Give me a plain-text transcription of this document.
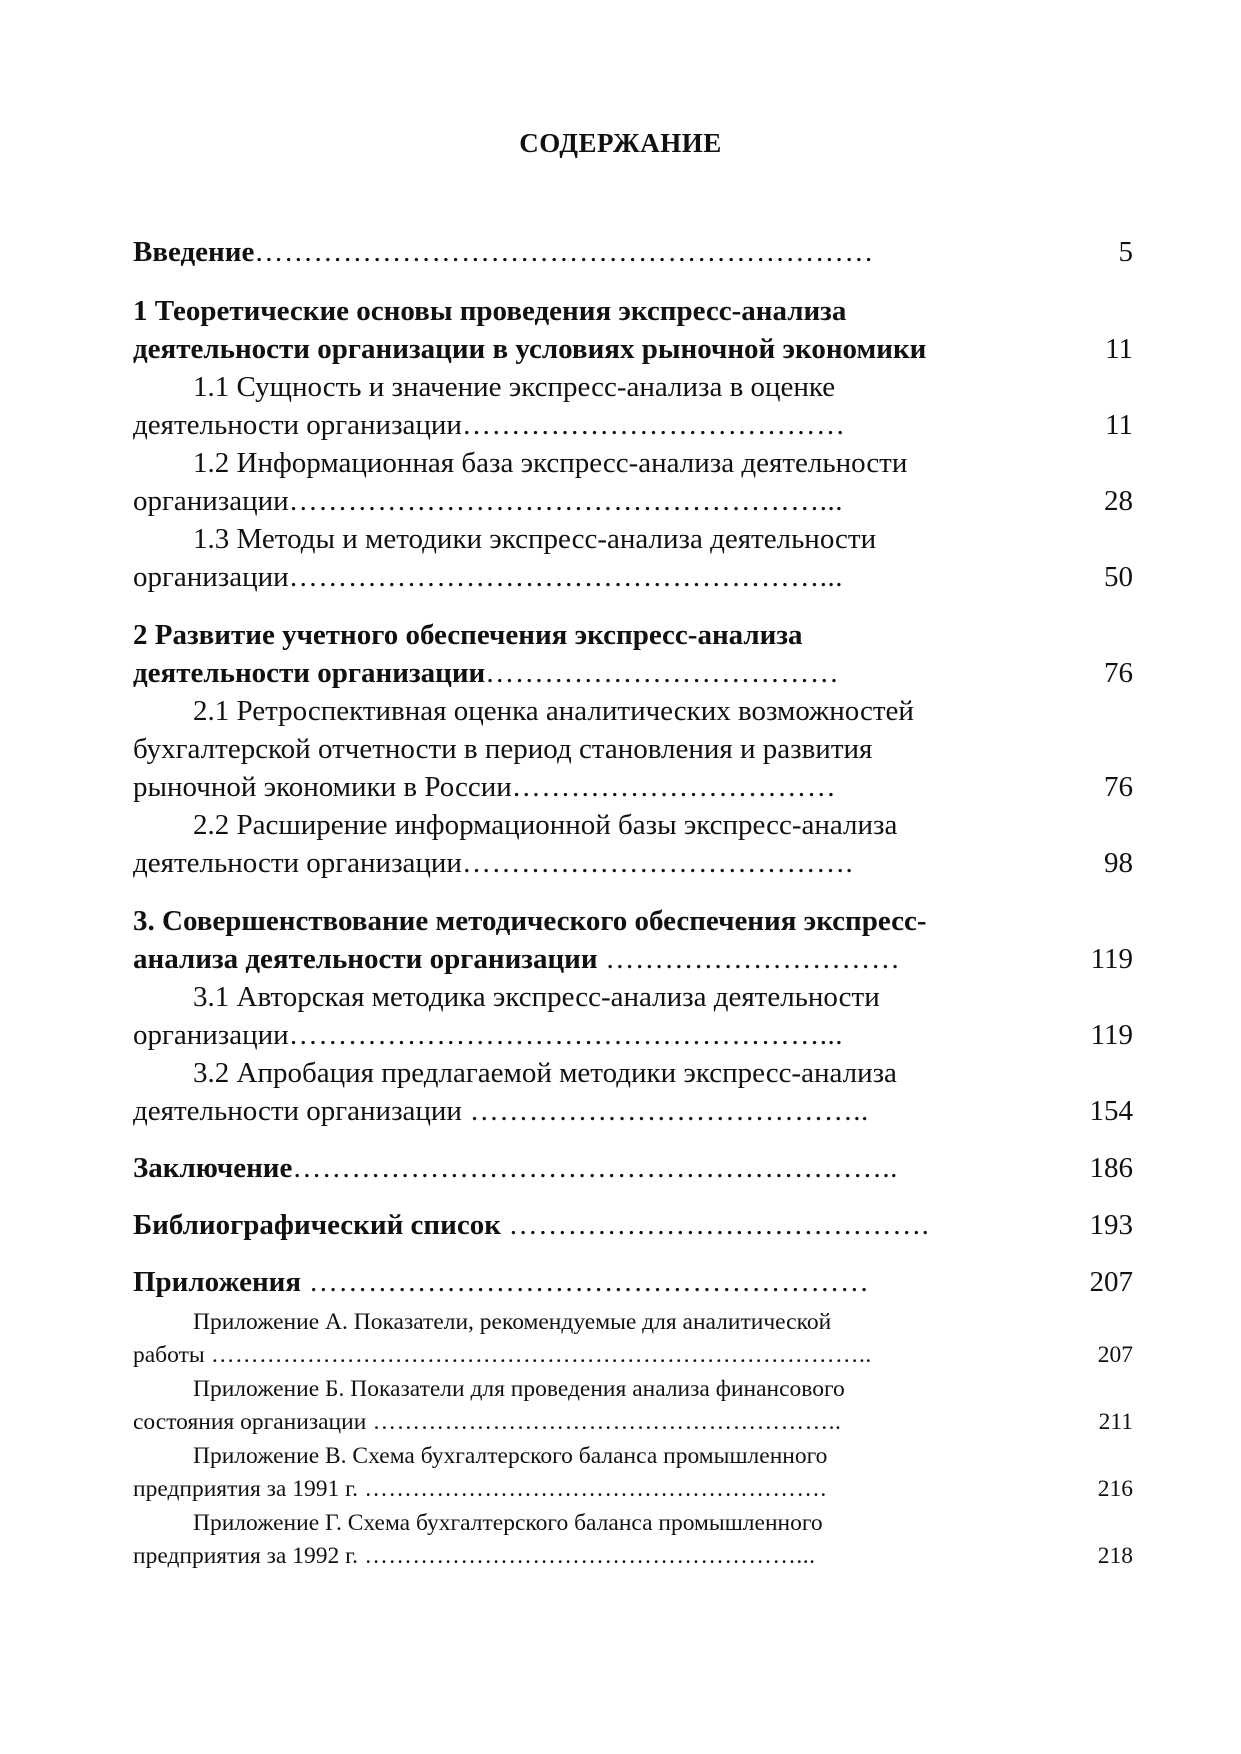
СОДЕРЖАНИЕ
Введение………………………………………………………	5
1 Теоретические основы проведения экспресс-анализа
деятельности организации в условиях рыночной экономики	11
1.1 Сущность и значение экспресс-анализа в оценке
деятельности организации…………………………………	11
1.2 Информационная база экспресс-анализа деятельности
организации………………………………………………...	28
1.3 Методы и методики экспресс-анализа деятельности
организации………………………………………………...	50
2 Развитие учетного обеспечения экспресс-анализа
деятельности организации………………………………	76
2.1 Ретроспективная оценка аналитических возможностей
бухгалтерской отчетности в период становления и развития
рыночной экономики в России……………………………	76
2.2 Расширение информационной базы экспресс-анализа
деятельности организации………………………………….	98
3. Совершенствование методического обеспечения экспресс-
анализа деятельности организации …………………………	119
3.1 Авторская методика экспресс-анализа деятельности
организации………………………………………………...	119
3.2 Апробация предлагаемой методики экспресс-анализа
деятельности организации …………………………………..	154
Заключение……………………………………………………..	186
Библиографический список …………………………………….	193
Приложения …………………………………………………	207
Приложение А. Показатели, рекомендуемые для аналитической
работы ………………………………………………………………………..	207
Приложение Б. Показатели для проведения анализа финансового
состояния организации …………………………………………………..	211
Приложение В. Схема бухгалтерского баланса промышленного
предприятия за 1991 г. ………………………………………………….	216
Приложение Г. Схема бухгалтерского баланса промышленного
предприятия за 1992 г. ………………………………………………...	218
